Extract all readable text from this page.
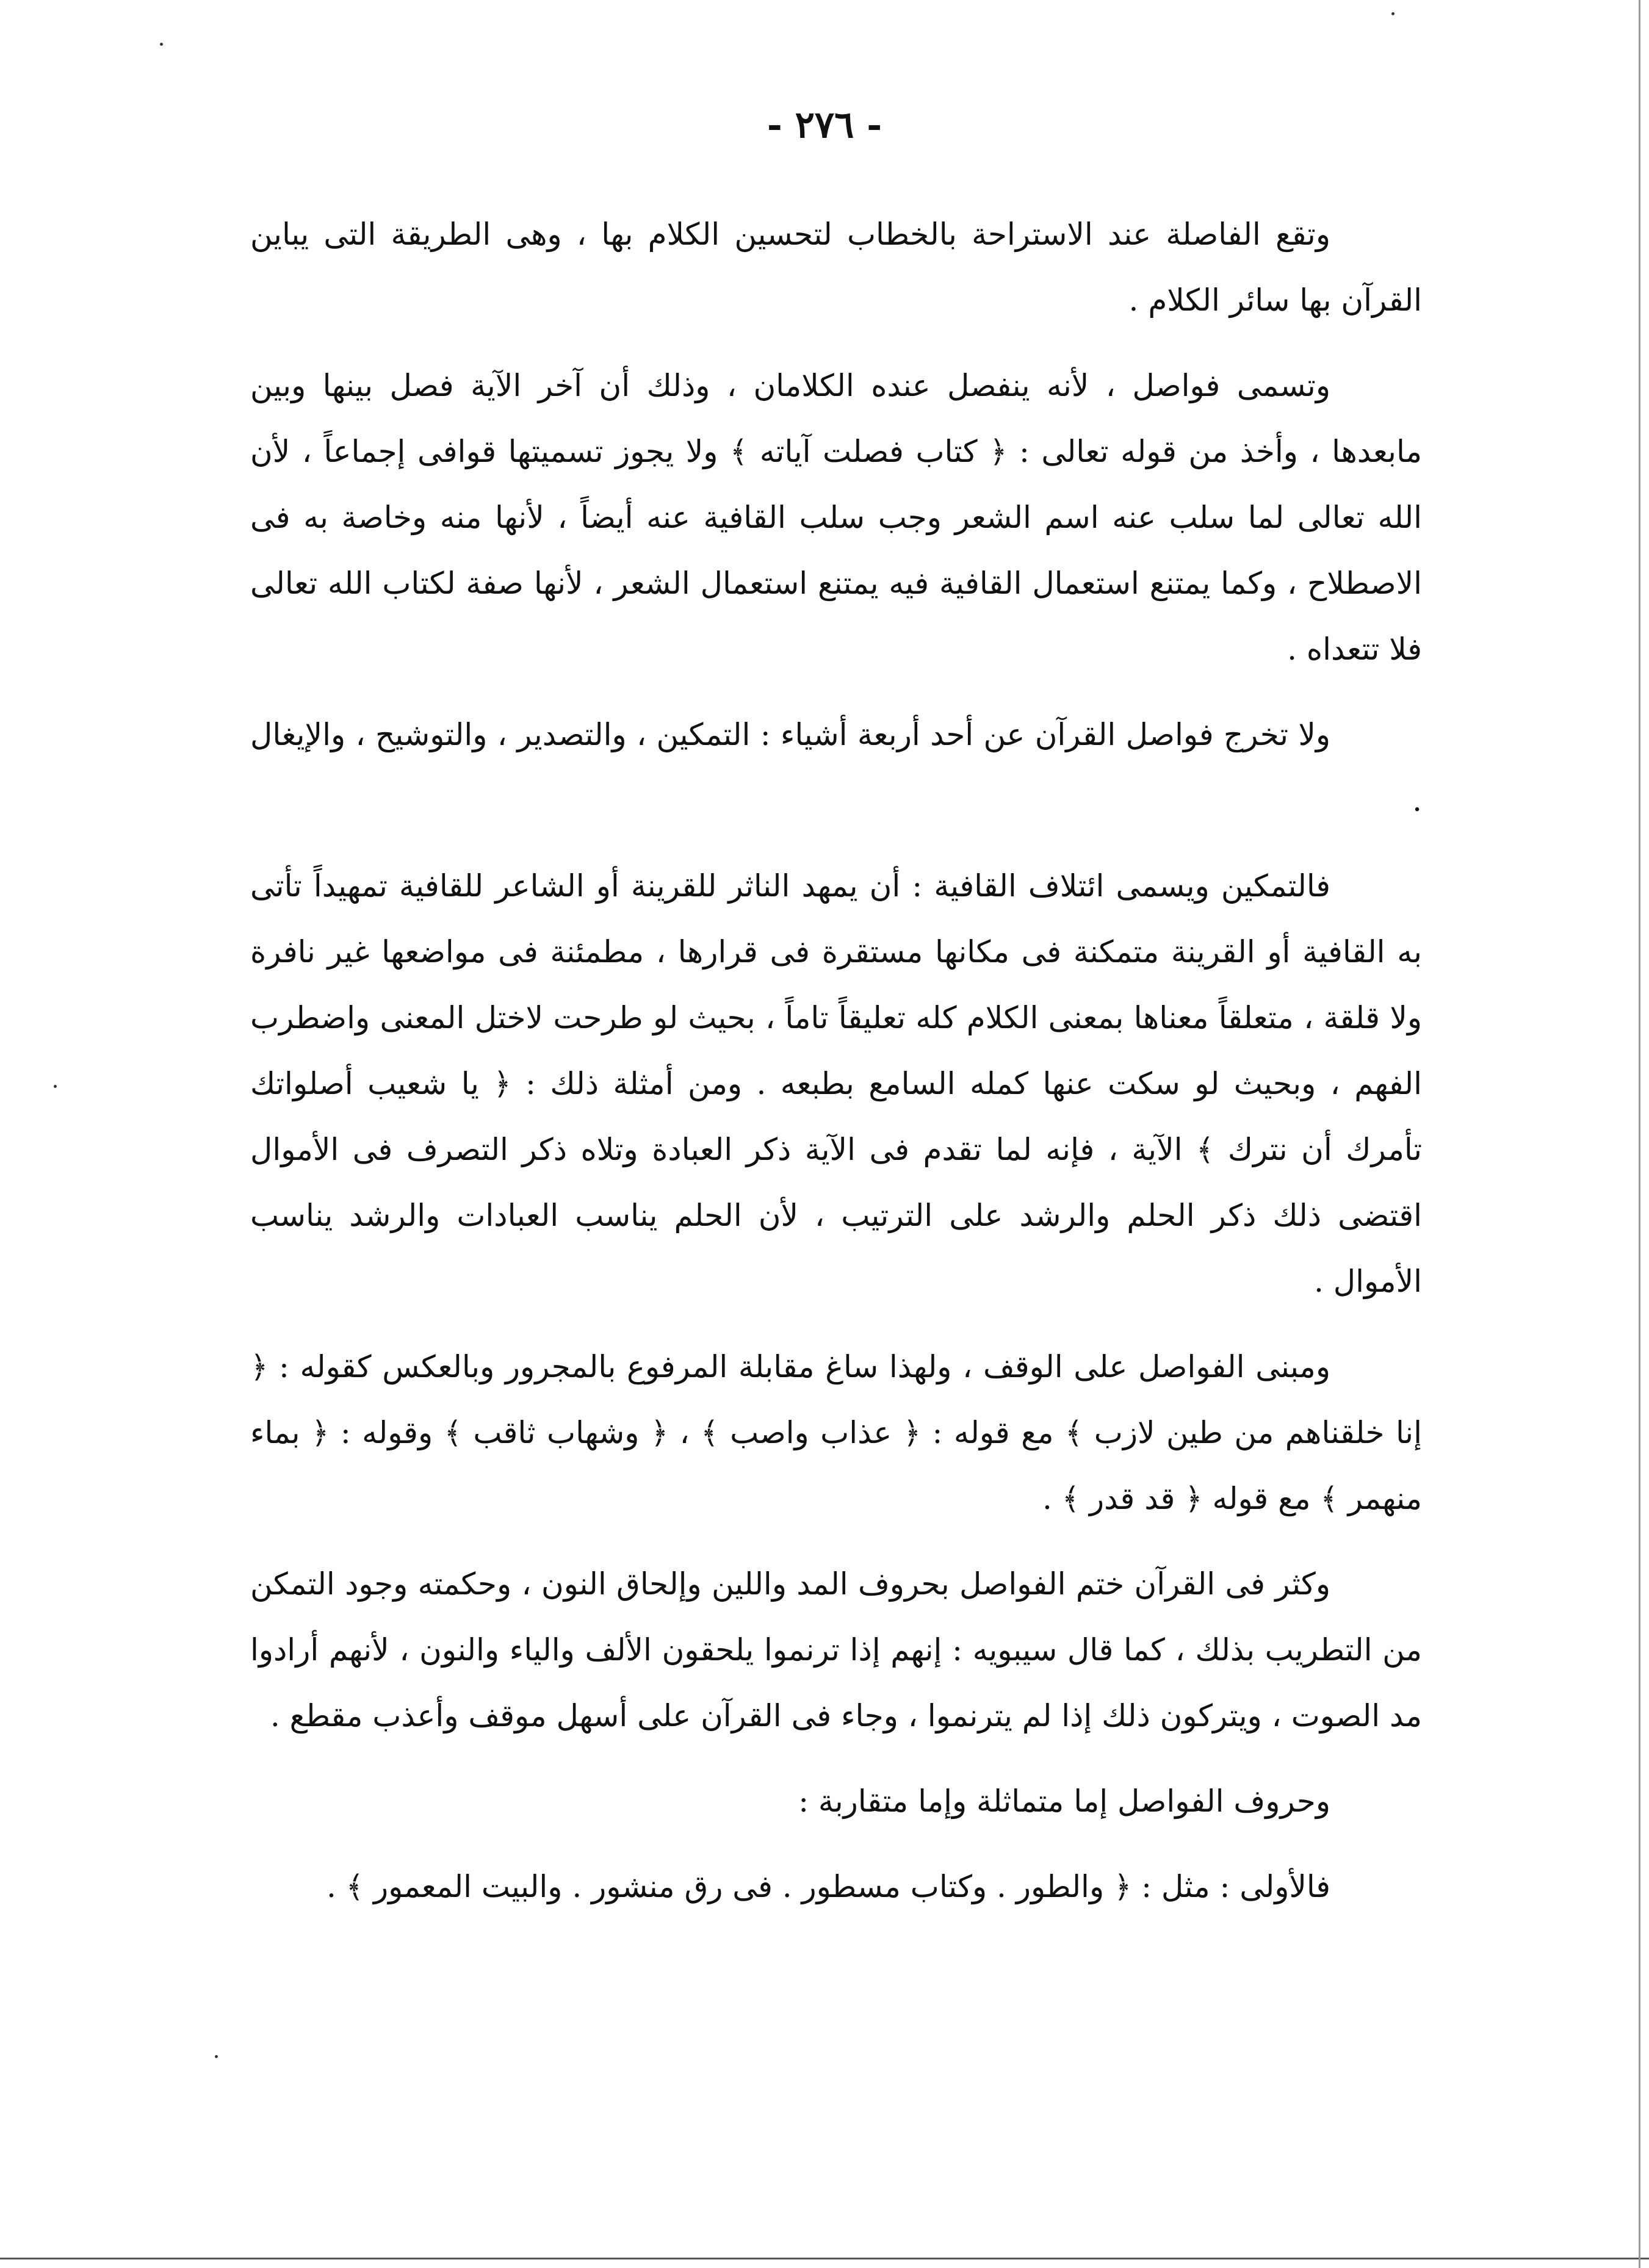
- ٢٧٦ -

وتقع الفاصلة عند الاستراحة بالخطاب لتحسين الكلام بها ، وهى الطريقة التى يباين القرآن بها سائر الكلام .

وتسمى فواصل ، لأنه ينفصل عنده الكلامان ، وذلك أن آخر الآية فصل بينها وبين مابعدها ، وأخذ من قوله تعالى : ﴿ كتاب فصلت آياته ﴾ ولا يجوز تسميتها قوافى إجماعاً ، لأن الله تعالى لما سلب عنه اسم الشعر وجب سلب القافية عنه أيضاً ، لأنها منه وخاصة به فى الاصطلاح ، وكما يمتنع استعمال القافية فيه يمتنع استعمال الشعر ، لأنها صفة لكتاب الله تعالى فلا تتعداه .

ولا تخرج فواصل القرآن عن أحد أربعة أشياء : التمكين ، والتصدير ، والتوشيح ، والإيغال .

فالتمكين ويسمى ائتلاف القافية : أن يمهد الناثر للقرينة أو الشاعر للقافية تمهيداً تأتى به القافية أو القرينة متمكنة فى مكانها مستقرة فى قرارها ، مطمئنة فى مواضعها غير نافرة ولا قلقة ، متعلقاً معناها بمعنى الكلام كله تعليقاً تاماً ، بحيث لو طرحت لاختل المعنى واضطرب الفهم ، وبحيث لو سكت عنها كمله السامع بطبعه . ومن أمثلة ذلك : ﴿ يا شعيب أصلواتك تأمرك أن نترك ﴾ الآية ، فإنه لما تقدم فى الآية ذكر العبادة وتلاه ذكر التصرف فى الأموال اقتضى ذلك ذكر الحلم والرشد على الترتيب ، لأن الحلم يناسب العبادات والرشد يناسب الأموال .

ومبنى الفواصل على الوقف ، ولهذا ساغ مقابلة المرفوع بالمجرور وبالعكس كقوله : ﴿ إنا خلقناهم من طين لازب ﴾ مع قوله : ﴿ عذاب واصب ﴾ ، ﴿ وشهاب ثاقب ﴾ وقوله : ﴿ بماء منهمر ﴾ مع قوله ﴿ قد قدر ﴾ .

وكثر فى القرآن ختم الفواصل بحروف المد واللين وإلحاق النون ، وحكمته وجود التمكن من التطريب بذلك ، كما قال سيبويه : إنهم إذا ترنموا يلحقون الألف والياء والنون ، لأنهم أرادوا مد الصوت ، ويتركون ذلك إذا لم يترنموا ، وجاء فى القرآن على أسهل موقف وأعذب مقطع .

وحروف الفواصل إما متماثلة وإما متقاربة :

فالأولى : مثل : ﴿ والطور . وكتاب مسطور . فى رق منشور . والبيت المعمور ﴾ .
